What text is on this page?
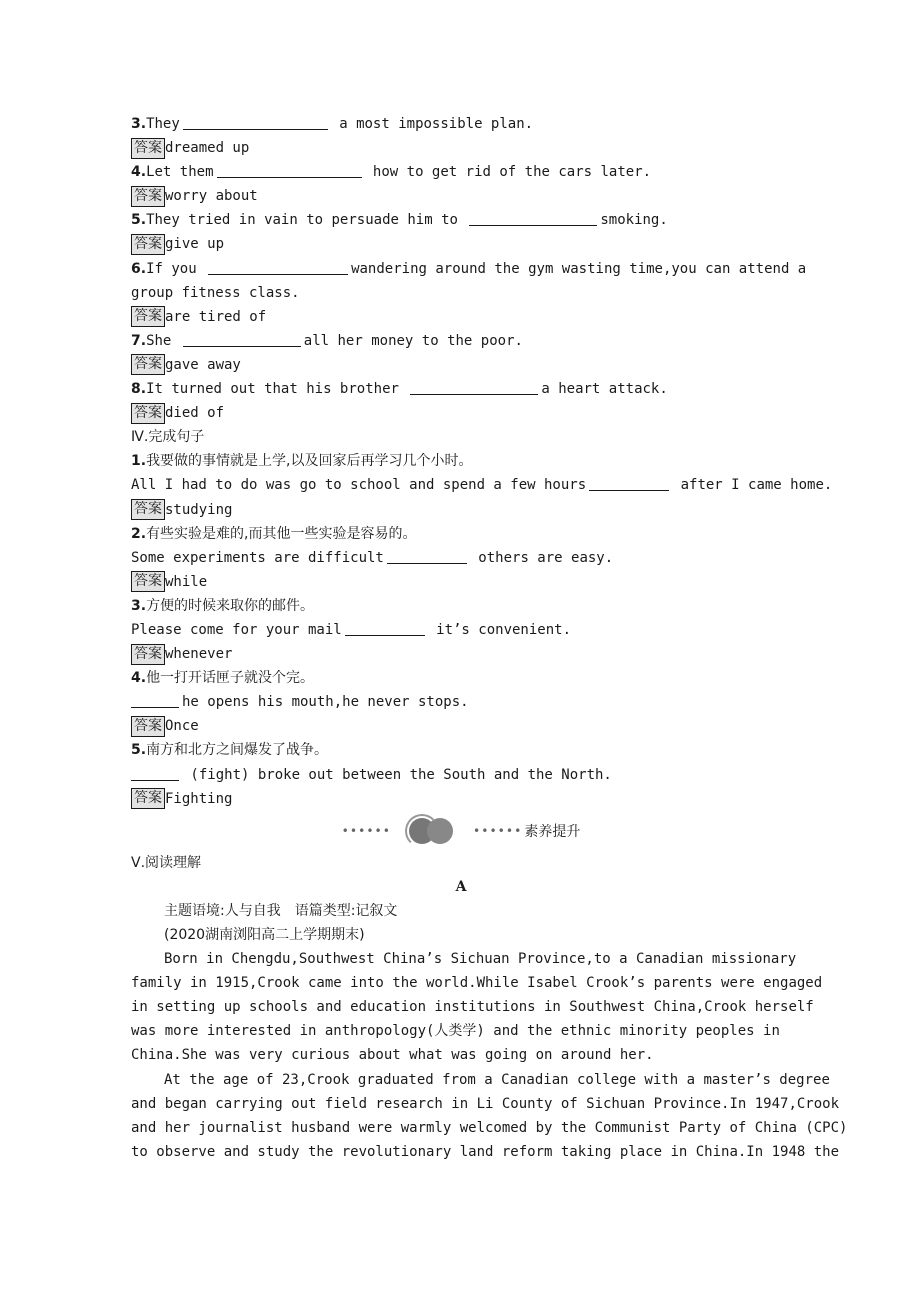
3.They	a most impossible plan.
答案 dreamed up
4.Let them	how to get rid of the cars later.
答案 worry about
5.They tried in vain to persuade him to	smoking.
答案 give up
6.If you	wandering around the gym wasting time,you can attend a
group fitness class.
答案 are tired of
7.She	all her money to the poor.
答案 gave away
8.It turned out that his brother	a heart attack.
答案 died of
Ⅳ.完成句子
1.我要做的事情就是上学,以及回家后再学习几个小时。
All I had to do was go to school and spend a few hours	after I came home.
答案 studying
2.有些实验是难的,而其他一些实验是容易的。
Some experiments are difficult	others are easy.
答案 while
3.方便的时候来取你的邮件。
Please come for your mail	it’s convenient.
答案 whenever
4.他一打开话匣子就没个完。
he opens his mouth,he never stops.
答案 Once
5.南方和北方之间爆发了战争。
(fight) broke out between the South and the North.
答案 Fighting
••••••	•••••• 素养提升
Ⅴ.阅读理解
A
主题语境:人与自我　语篇类型:记叙文
(2020湖南浏阳高二上学期期末)
Born in Chengdu,Southwest China’s Sichuan Province,to a Canadian missionary
family in 1915,Crook came into the world.While Isabel Crook’s parents were engaged
in setting up schools and education institutions in Southwest China,Crook herself
was more interested in anthropology(人类学) and the ethnic minority peoples in
China.She was very curious about what was going on around her.
At the age of 23,Crook graduated from a Canadian college with a master’s degree
and began carrying out field research in Li County of Sichuan Province.In 1947,Crook
and her journalist husband were warmly welcomed by the Communist Party of China (CPC)
to observe and study the revolutionary land reform taking place in China.In 1948 the
